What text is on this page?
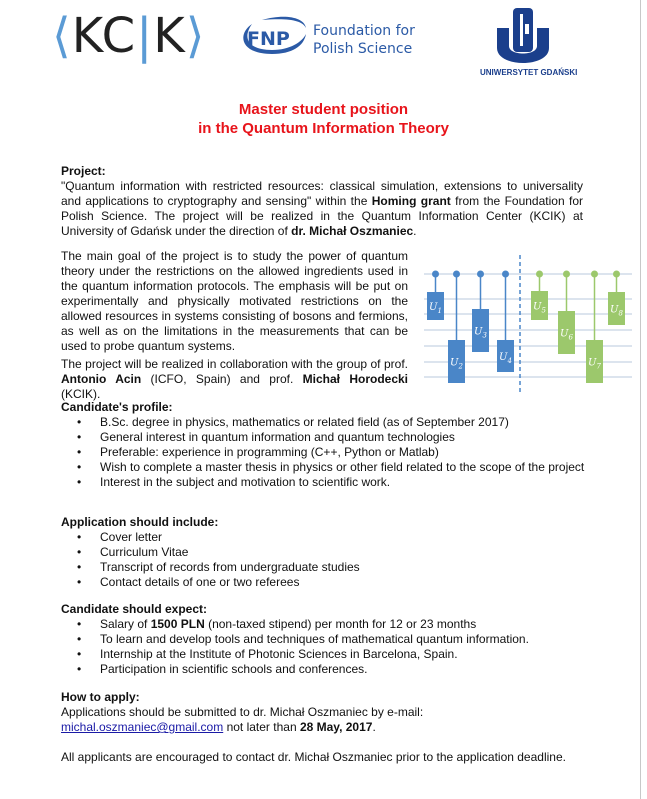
⟨KC|K⟩ FNP Foundation for
Polish Science
UNIWERSYTET GDAŃSKI
Master student position
in the Quantum Information Theory
Project:
"Quantum information with restricted resources: classical simulation, extensions to universality and applications to cryptography and sensing" within the Homing grant from the Foundation for Polish Science. The project will be realized in the Quantum Information Center (KCIK) at University of Gdańsk under the direction of dr. Michał Oszmaniec.
The main goal of the project is to study the power of quantum theory under the restrictions on the allowed ingredients used in the quantum information protocols. The emphasis will be put on experimentally and physically motivated restrictions on the allowed resources in systems consisting of bosons and fermions, as well as on the limitations in the measurements that can be used to probe quantum systems.
The project will be realized in collaboration with the group of prof. Antonio Acin (ICFO, Spain) and prof. Michał Horodecki (KCIK).
$U_1$
$U_2$
$U_3$
$U_4$
$U_5$
$U_6$
$U_7$
$U_8$
Candidate's profile:
• B.Sc. degree in physics, mathematics or related field (as of September 2017)
• General interest in quantum information and quantum technologies
• Preferable: experience in programming (C++, Python or Matlab)
• Wish to complete a master thesis in physics or other field related to the scope of the project
• Interest in the subject and motivation to scientific work.
Application should include:
• Cover letter
• Curriculum Vitae
• Transcript of records from undergraduate studies
• Contact details of one or two referees
Candidate should expect:
• Salary of 1500 PLN (non-taxed stipend) per month for 12 or 23 months
• To learn and develop tools and techniques of mathematical quantum information.
• Internship at the Institute of Photonic Sciences in Barcelona, Spain.
• Participation in scientific schools and conferences.
How to apply:
Applications should be submitted to dr. Michał Oszmaniec by e-mail:
michal.oszmaniec@gmail.com not later than 28 May, 2017.
All applicants are encouraged to contact dr. Michał Oszmaniec prior to the application deadline.
